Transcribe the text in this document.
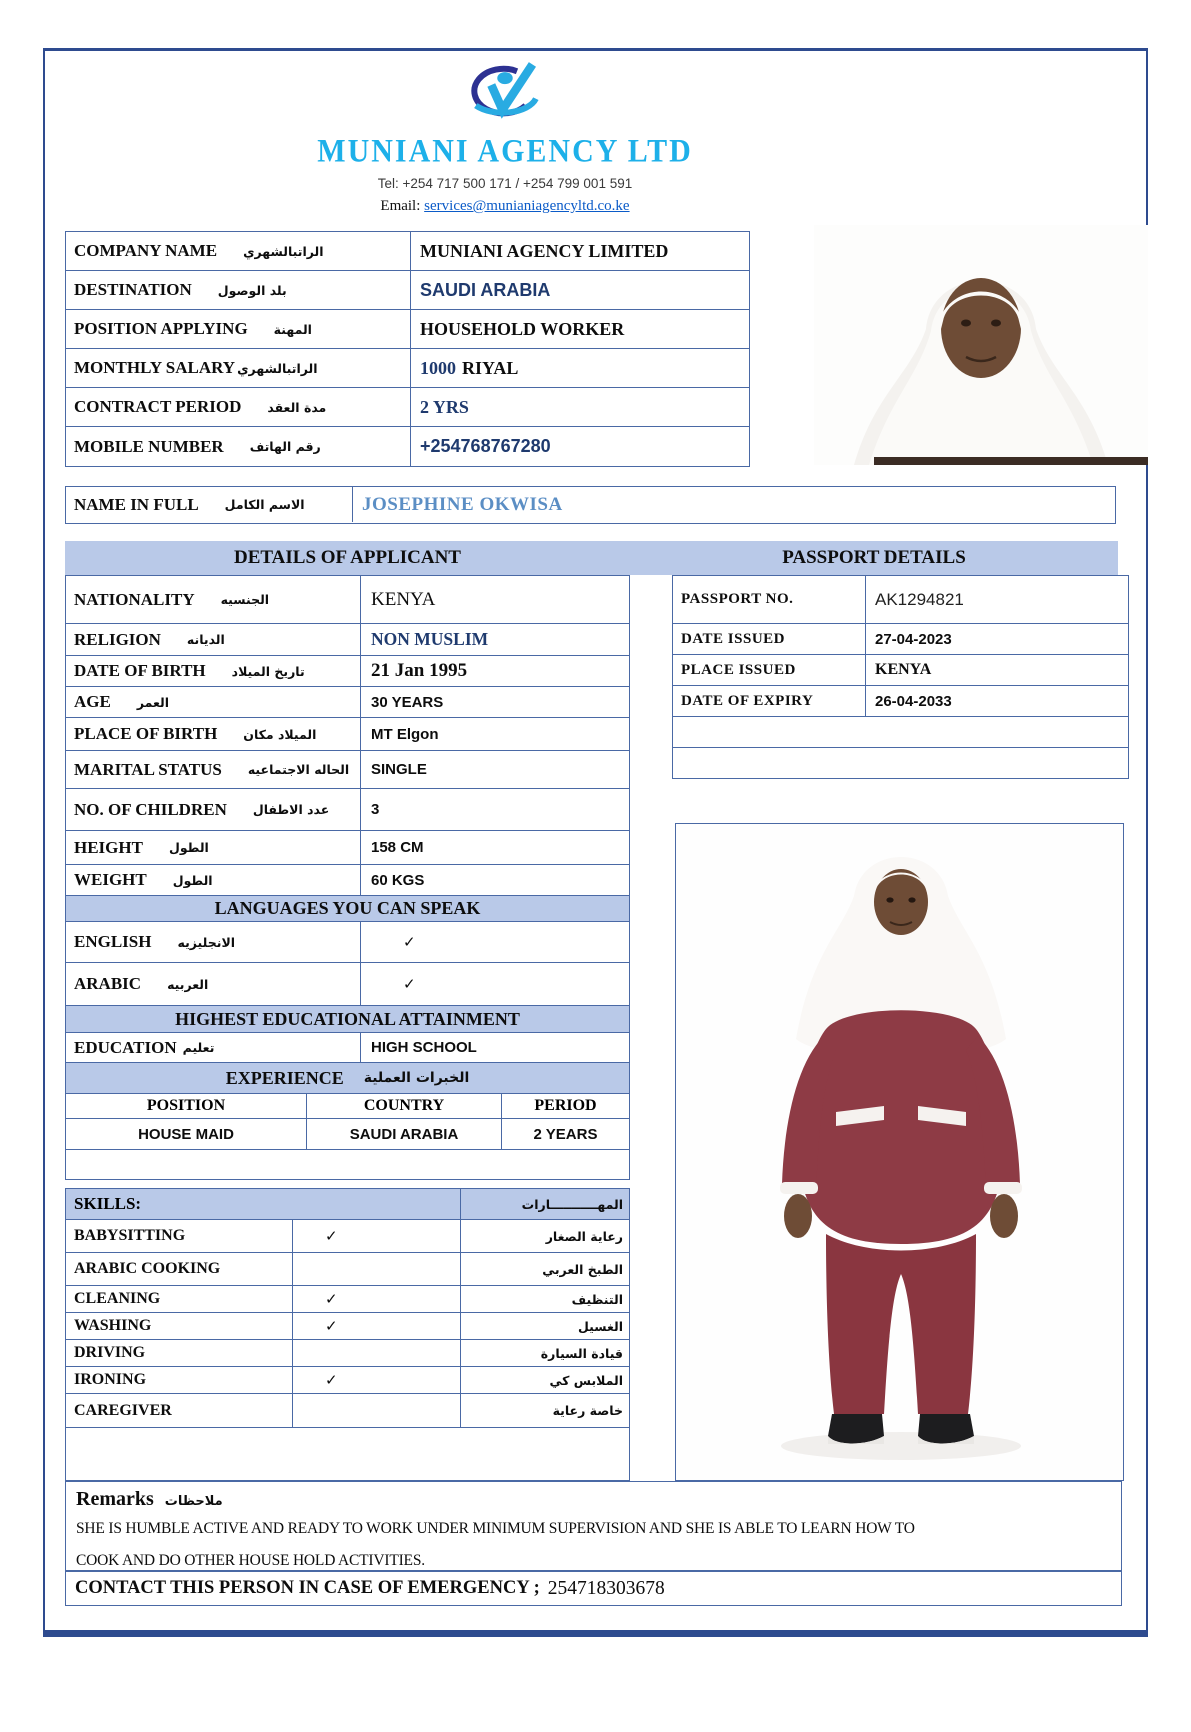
MUNIANI AGENCY LTD
Tel: +254 717 500 171 / +254 799 001 591
Email: services@munianiagencyltd.co.ke
COMPANY NAME الراتبالشهري	MUNIANI AGENCY LIMITED
DESTINATION بلد الوصول	SAUDI ARABIA
POSITION APPLYING المهنة	HOUSEHOLD WORKER
MONTHLY SALARY الراتبالشهري	1000 RIYAL
CONTRACT PERIOD مدة العقد	2 YRS
MOBILE NUMBER رقم الهاتف	+254768767280
NAME IN FULL الاسم الكامل	JOSEPHINE OKWISA
DETAILS OF APPLICANT	PASSPORT DETAILS
NATIONALITY الجنسيه	KENYA
RELIGION الديانه	NON MUSLIM
DATE OF BIRTH تاريخ الميلاد	21 Jan 1995
AGE العمر	30 YEARS
PLACE OF BIRTH الميلاد مكان	MT Elgon
MARITAL STATUS الحاله الاجتماعيه SINGLE
NO. OF CHILDREN عدد الاطفال	3
HEIGHT الطول	158 CM
WEIGHT الطول	60 KGS
LANGUAGES YOU CAN SPEAK
ENGLISH الانجليزيه	✓
ARABIC العربيه	✓
HIGHEST EDUCATIONAL ATTAINMENT
EDUCATION تعليم	HIGH SCHOOL
EXPERIENCE الخبرات العملية
POSITION	COUNTRY	PERIOD
HOUSE MAID	SAUDI ARABIA	2 YEARS
PASSPORT NO.	AK1294821
DATE ISSUED	27-04-2023
PLACE ISSUED	KENYA
DATE OF EXPIRY	26-04-2033
SKILLS:	المهـــــــــــارات
BABYSITTING	✓	رعاية الصغار
ARABIC COOKING	الطبخ العربي
CLEANING	✓	التنظيف
WASHING	✓	الغسيل
DRIVING	قيادة السيارة
IRONING	✓	الملابس كي
CAREGIVER	خاصة رعاية
Remarks ملاحظات
SHE IS HUMBLE ACTIVE AND READY TO WORK UNDER MINIMUM SUPERVISION AND SHE IS ABLE TO LEARN HOW TO
COOK AND DO OTHER HOUSE HOLD ACTIVITIES.
CONTACT THIS PERSON IN CASE OF EMERGENCY ; 254718303678
